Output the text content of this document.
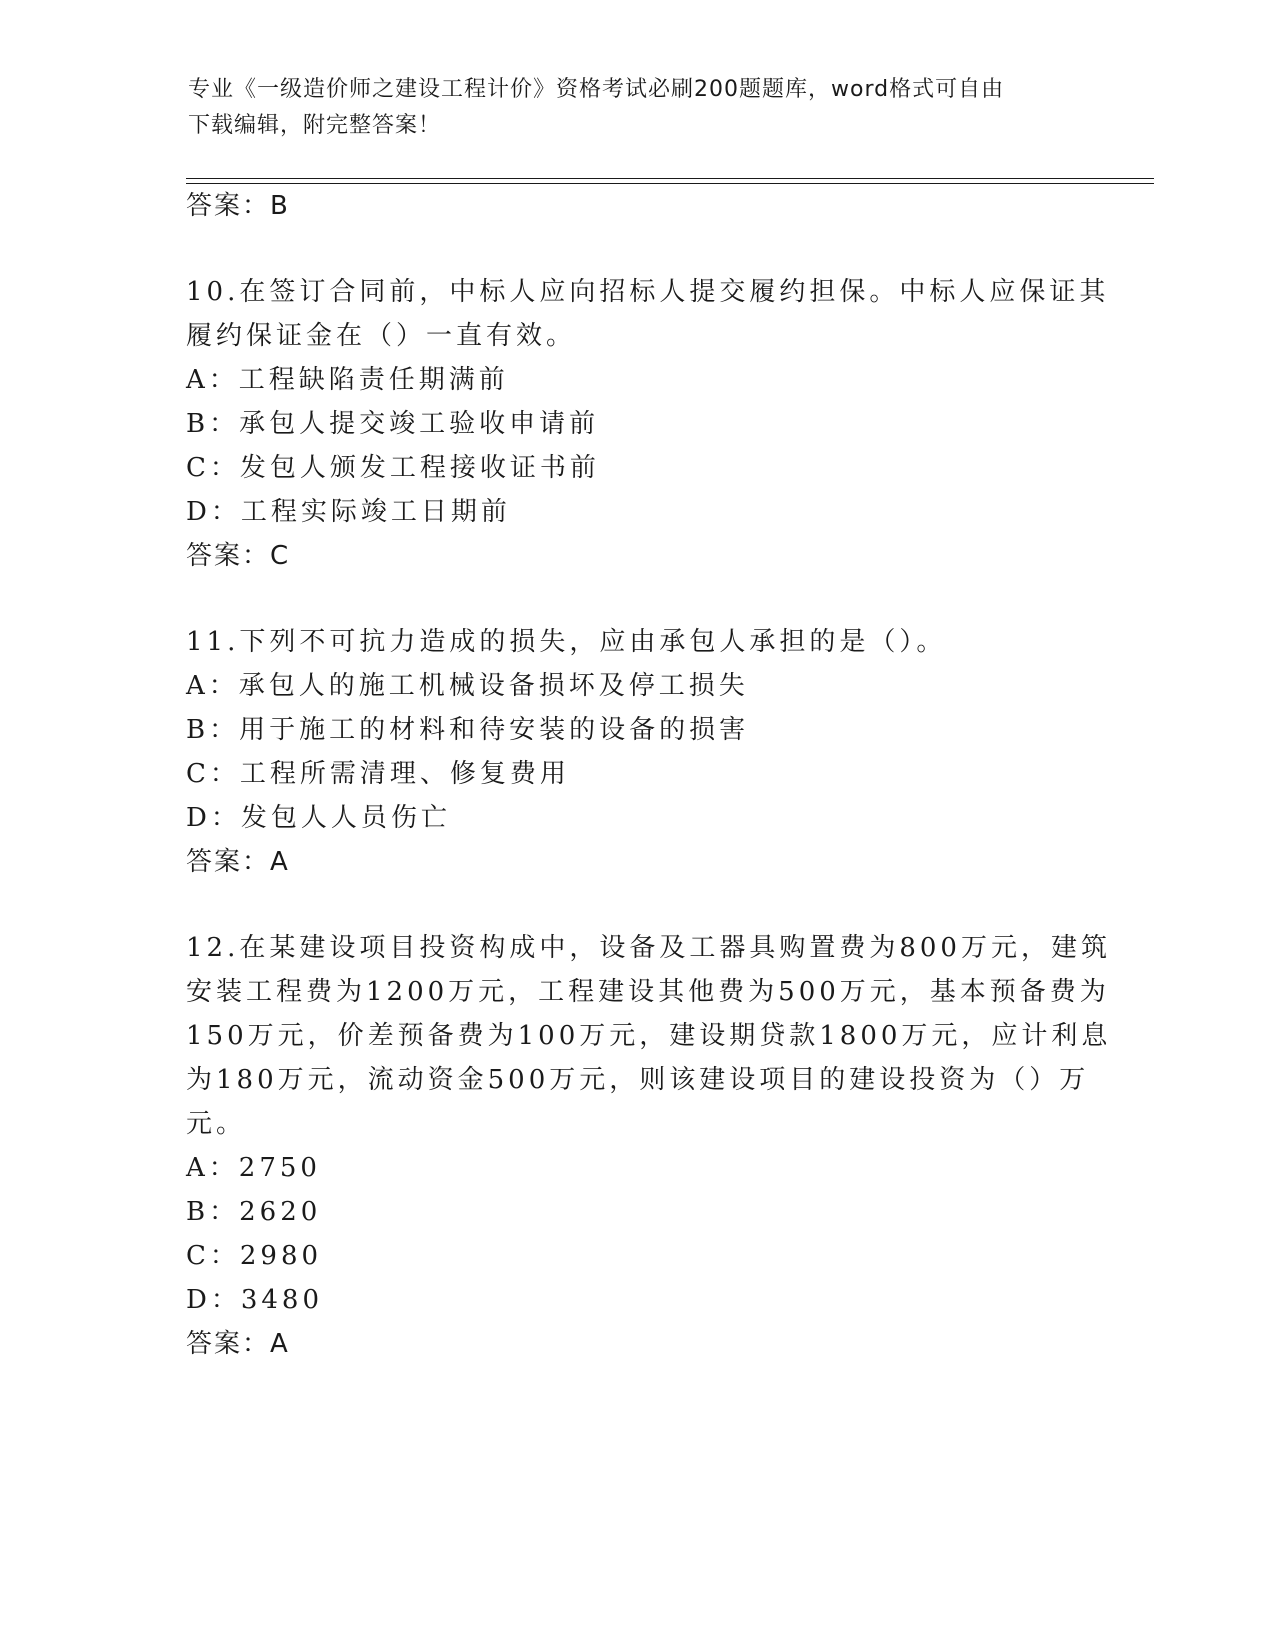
专业《一级造价师之建设工程计价》资格考试必刷200题题库，word格式可自由
下载编辑，附完整答案！
答案：B
10.在签订合同前，中标人应向招标人提交履约担保。中标人应保证其
履约保证金在（）一直有效。
A：工程缺陷责任期满前
B：承包人提交竣工验收申请前
C：发包人颁发工程接收证书前
D：工程实际竣工日期前
答案：C
11.下列不可抗力造成的损失，应由承包人承担的是（）。
A：承包人的施工机械设备损坏及停工损失
B：用于施工的材料和待安装的设备的损害
C：工程所需清理、修复费用
D：发包人人员伤亡
答案：A
12.在某建设项目投资构成中，设备及工器具购置费为800万元，建筑
安装工程费为1200万元，工程建设其他费为500万元，基本预备费为
150万元，价差预备费为100万元，建设期贷款1800万元，应计利息
为180万元，流动资金500万元，则该建设项目的建设投资为（）万
元。
A：2750
B：2620
C：2980
D：3480
答案：A
